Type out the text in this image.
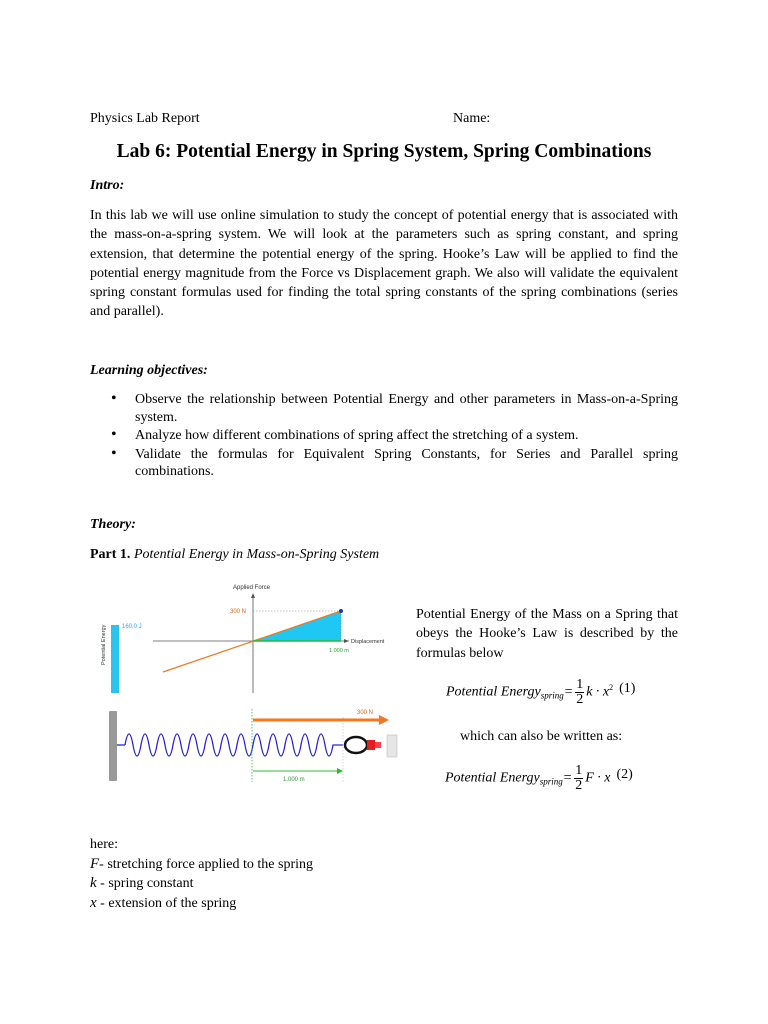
Physics Lab Report	Name:
Lab 6: Potential Energy in Spring System, Spring Combinations
Intro:
In this lab we will use online simulation to study the concept of potential energy that is associated with the mass-on-a-spring system. We will look at the parameters such as spring constant, and spring extension, that determine the potential energy of the spring. Hooke’s Law will be applied to find the potential energy magnitude from the Force vs Displacement graph. We also will validate the equivalent spring constant formulas used for finding the total spring constants of the spring combinations (series and parallel).
Learning objectives:
• Observe the relationship between Potential Energy and other parameters in Mass-on-a-Spring system.
• Analyze how different combinations of spring affect the stretching of a system.
• Validate the formulas for Equivalent Spring Constants, for Series and Parallel spring combinations.
Theory:
Part 1. Potential Energy in Mass-on-Spring System
Applied Force
Displacement
Potential Energy	160.0 J
300 N
1.000 m
300 N
1.000 m
Potential Energy of the Mass on a Spring that obeys the Hooke’s Law is described by the formulas below
Potential Energy$_{spring}$= $\frac{1}{2}$ $k \cdot x^2$ (1)
which can also be written as:
Potential Energy$_{spring}$= $\frac{1}{2}$ F · x (2)
here:
F- stretching force applied to the spring
k - spring constant
x - extension of the spring
